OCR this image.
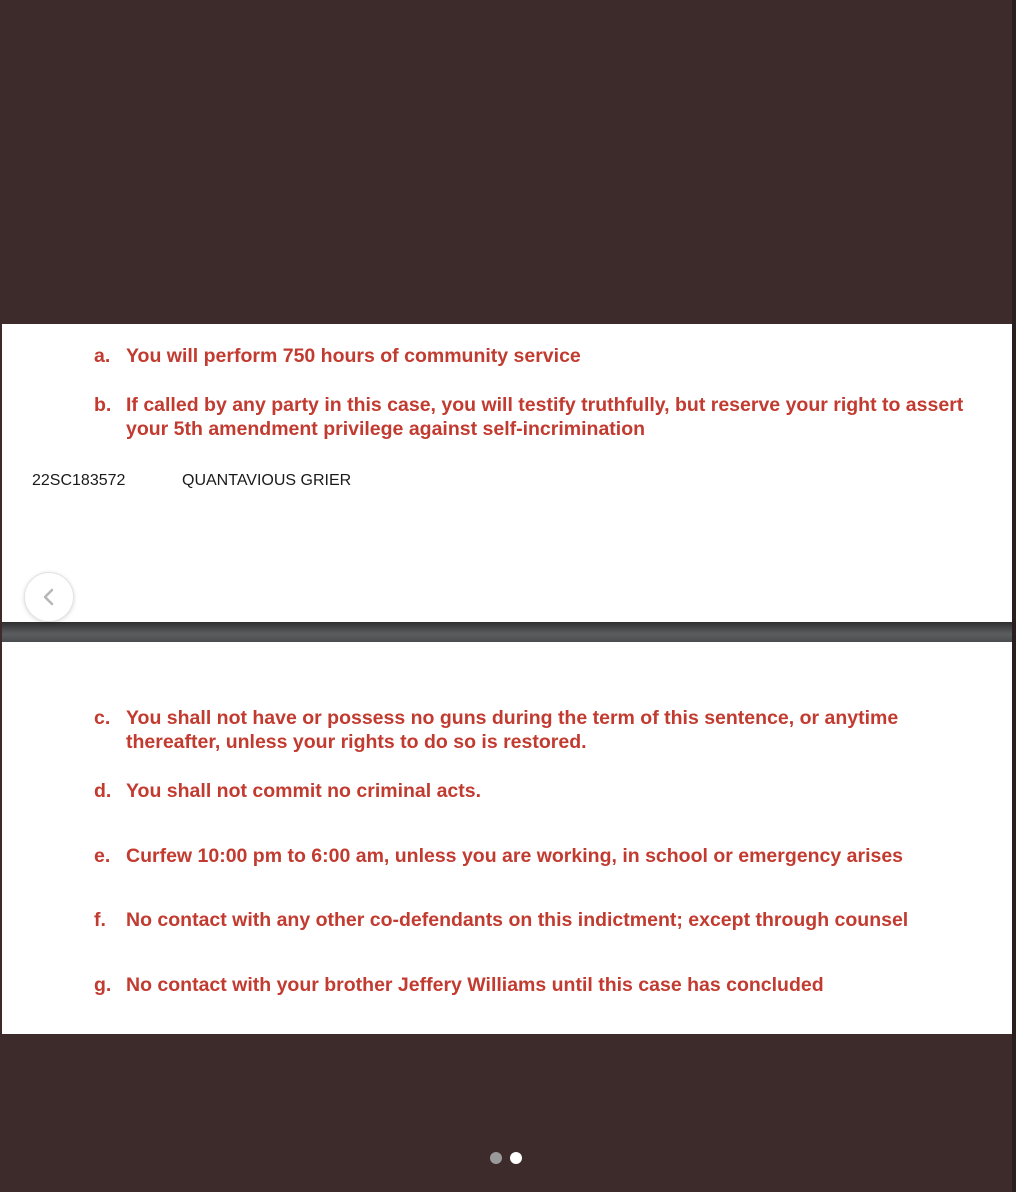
a. You will perform 750 hours of community service
b. If called by any party in this case, you will testify truthfully, but reserve your right to assert your 5th amendment privilege against self-incrimination
22SC183572	QUANTAVIOUS GRIER
c. You shall not have or possess no guns during the term of this sentence, or anytime thereafter, unless your rights to do so is restored.
d. You shall not commit no criminal acts.
e. Curfew 10:00 pm to 6:00 am, unless you are working, in school or emergency arises
f.	No contact with any other co-defendants on this indictment; except through counsel
g. No contact with your brother Jeffery Williams until this case has concluded
